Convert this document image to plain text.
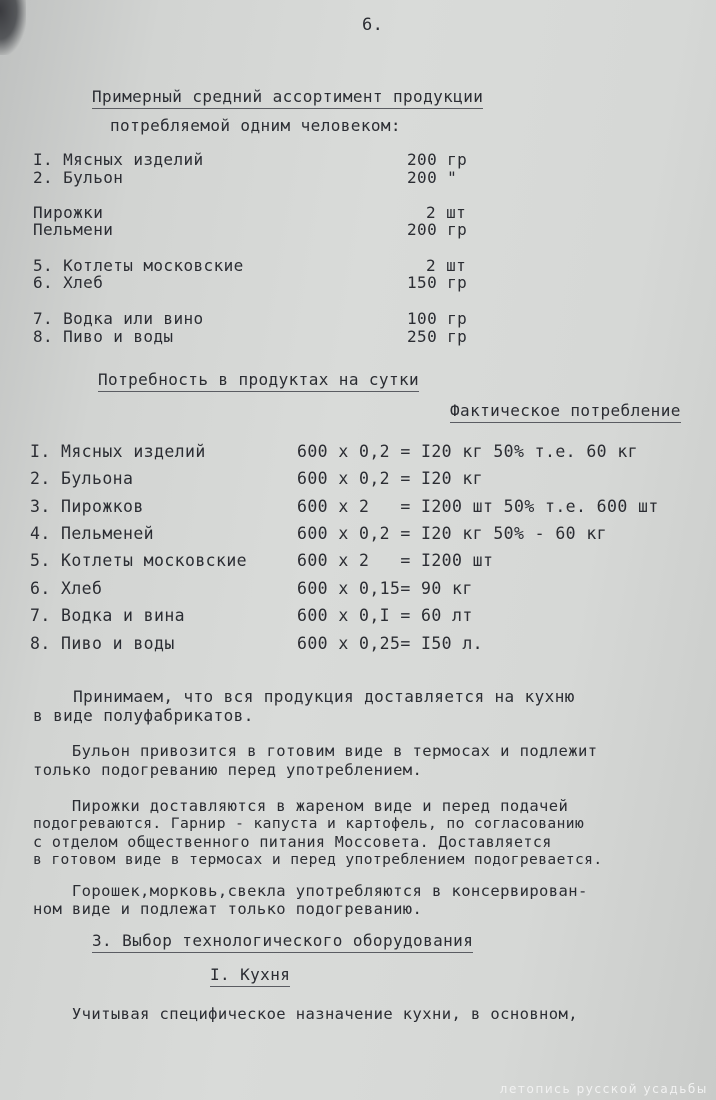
6.
Примерный средний ассортимент продукции
потребляемой одним человеком:
I. Мясных изделий	200 гр
2. Бульон	200 "
Пирожки	2 шт
Пельмени	200 гр
5. Котлеты московские	2 шт
6. Хлеб	150 гр
7. Водка или вино	100 гр
8. Пиво и воды	250 гр
Потребность в продуктах на сутки
Фактическое потребление
I. Мясных изделий	600 х 0,2 = I20 кг 50% т.е. 60 кг
2. Бульона	600 х 0,2 = I20 кг
3. Пирожков	600 х 2   = I200 шт 50% т.е. 600 шт
4. Пельменей	600 х 0,2 = I20 кг 50% - 60 кг
5. Котлеты московские	600 х 2   = I200 шт
6. Хлеб	600 х 0,15= 90 кг
7. Водка и вина	600 х 0,I = 60 лт
8. Пиво и воды	600 х 0,25= I50 л.
Принимаем, что вся продукция доставляется на кухню
в виде полуфабрикатов.
Бульон привозится в готовим виде в термосах и подлежит
только подогреванию перед употреблением.
Пирожки доставляются в жареном виде и перед подачей
подогреваются. Гарнир - капуста и картофель, по согласованию
с отделом общественного питания Моссовета. Доставляется
в готовом виде в термосах и перед употреблением подогревается.
Горошек,морковь,свекла употребляются в консервирован-
ном виде и подлежат только подогреванию.
3. Выбор технологического оборудования
I. Кухня
Учитывая специфическое назначение кухни, в основном,
летопись русской усадьбы
